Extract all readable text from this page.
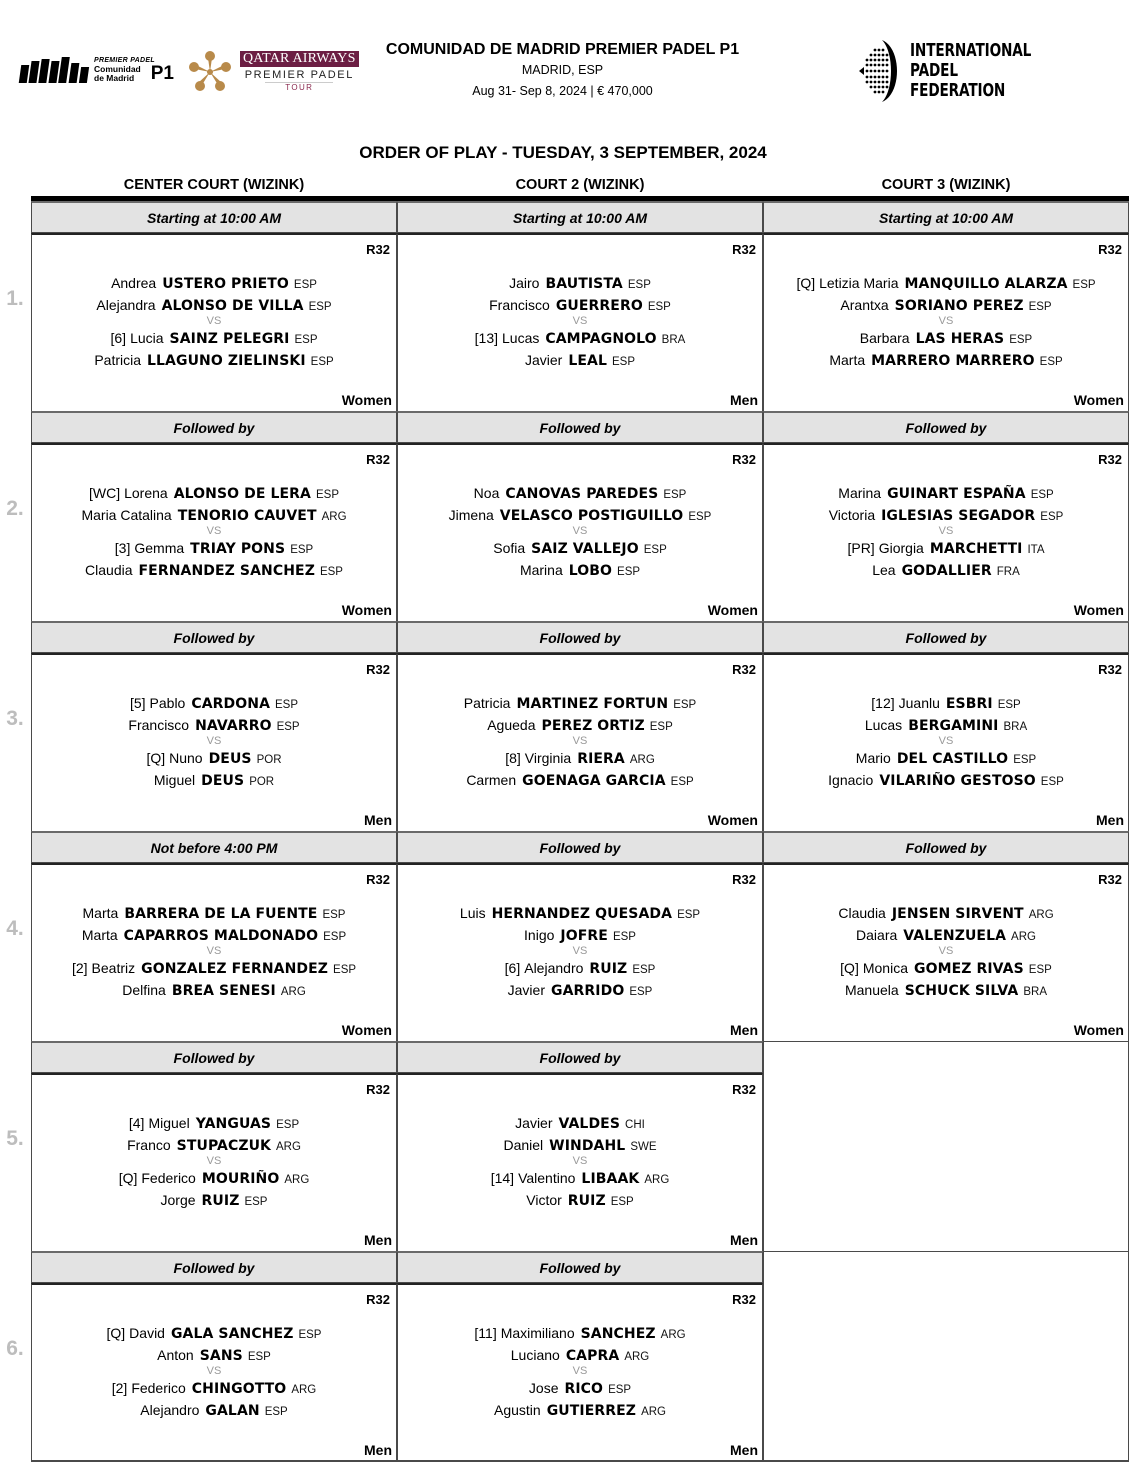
PREMIER PADEL
Comunidad
de Madrid P1
QATAR AIRWAYS
PREMIER PADEL
TOUR
COMUNIDAD DE MADRID PREMIER PADEL P1
MADRID, ESP
Aug 31- Sep 8, 2024 | € 470,000
INTERNATIONAL
PADEL
FEDERATION
ORDER OF PLAY - TUESDAY, 3 SEPTEMBER, 2024
CENTER COURT (WIZINK)	COURT 2 (WIZINK)	COURT 3 (WIZINK)
1.
Starting at 10:00 AM
R32
Andrea USTERO PRIETO ESP
Alejandra ALONSO DE VILLA ESP
VS
[6] Lucia SAINZ PELEGRI ESP
Patricia LLAGUNO ZIELINSKI ESP
Women
Starting at 10:00 AM
R32
Jairo BAUTISTA ESP
Francisco GUERRERO ESP
VS
[13] Lucas CAMPAGNOLO BRA
Javier LEAL ESP
Men
Starting at 10:00 AM
R32
[Q] Letizia Maria MANQUILLO ALARZA ESP
Arantxa SORIANO PEREZ ESP
VS
Barbara LAS HERAS ESP
Marta MARRERO MARRERO ESP
Women
2.
Followed by
R32
[WC] Lorena ALONSO DE LERA ESP
Maria Catalina TENORIO CAUVET ARG
VS
[3] Gemma TRIAY PONS ESP
Claudia FERNANDEZ SANCHEZ ESP
Women
Followed by
R32
Noa CANOVAS PAREDES ESP
Jimena VELASCO POSTIGUILLO ESP
VS
Sofia SAIZ VALLEJO ESP
Marina LOBO ESP
Women
Followed by
R32
Marina GUINART ESPAÑA ESP
Victoria IGLESIAS SEGADOR ESP
VS
[PR] Giorgia MARCHETTI ITA
Lea GODALLIER FRA
Women
3.
Followed by
R32
[5] Pablo CARDONA ESP
Francisco NAVARRO ESP
VS
[Q] Nuno DEUS POR
Miguel DEUS POR
Men
Followed by
R32
Patricia MARTINEZ FORTUN ESP
Agueda PEREZ ORTIZ ESP
VS
[8] Virginia RIERA ARG
Carmen GOENAGA GARCIA ESP
Women
Followed by
R32
[12] Juanlu ESBRI ESP
Lucas BERGAMINI BRA
VS
Mario DEL CASTILLO ESP
Ignacio VILARIÑO GESTOSO ESP
Men
4.
Not before 4:00 PM
R32
Marta BARRERA DE LA FUENTE ESP
Marta CAPARROS MALDONADO ESP
VS
[2] Beatriz GONZALEZ FERNANDEZ ESP
Delfina BREA SENESI ARG
Women
Followed by
R32
Luis HERNANDEZ QUESADA ESP
Inigo JOFRE ESP
VS
[6] Alejandro RUIZ ESP
Javier GARRIDO ESP
Men
Followed by
R32
Claudia JENSEN SIRVENT ARG
Daiara VALENZUELA ARG
VS
[Q] Monica GOMEZ RIVAS ESP
Manuela SCHUCK SILVA BRA
Women
5.
Followed by
R32
[4] Miguel YANGUAS ESP
Franco STUPACZUK ARG
VS
[Q] Federico MOURIÑO ARG
Jorge RUIZ ESP
Men
Followed by
R32
Javier VALDES CHI
Daniel WINDAHL SWE
VS
[14] Valentino LIBAAK ARG
Victor RUIZ ESP
Men
6.
Followed by
R32
[Q] David GALA SANCHEZ ESP
Anton SANS ESP
VS
[2] Federico CHINGOTTO ARG
Alejandro GALAN ESP
Men
Followed by
R32
[11] Maximiliano SANCHEZ ARG
Luciano CAPRA ARG
VS
Jose RICO ESP
Agustin GUTIERREZ ARG
Men
